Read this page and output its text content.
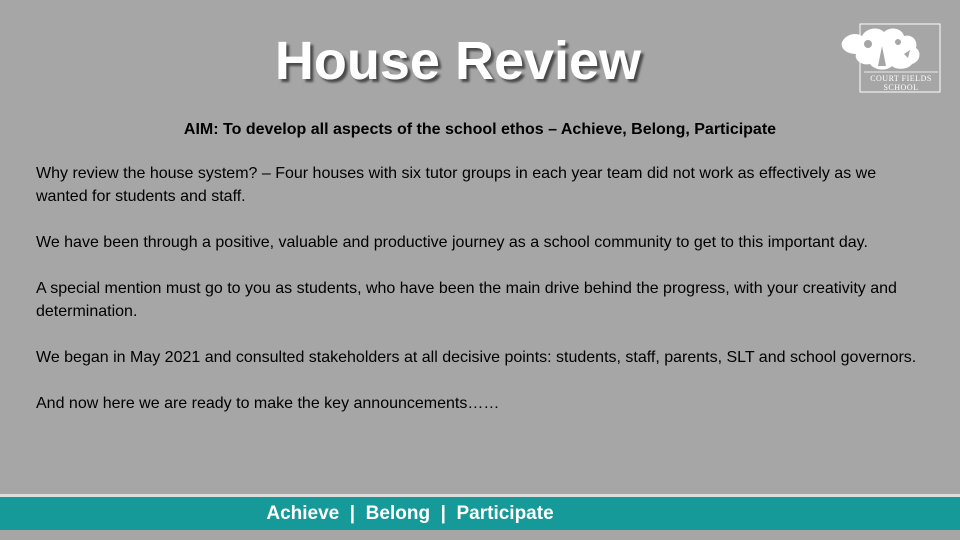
House Review	COURT FIELDS
SCHOOL
AIM: To develop all aspects of the school ethos – Achieve, Belong, Participate

Why review the house system? – Four houses with six tutor groups in each year team did not work as effectively as we wanted for students and staff.

We have been through a positive, valuable and productive journey as a school community to get to this important day.

A special mention must go to you as students, who have been the main drive behind the progress, with your creativity and determination.

We began in May 2021 and consulted stakeholders at all decisive points: students, staff, parents, SLT and school governors.

And now here we are ready to make the key announcements……

Achieve  |  Belong  |  Participate
